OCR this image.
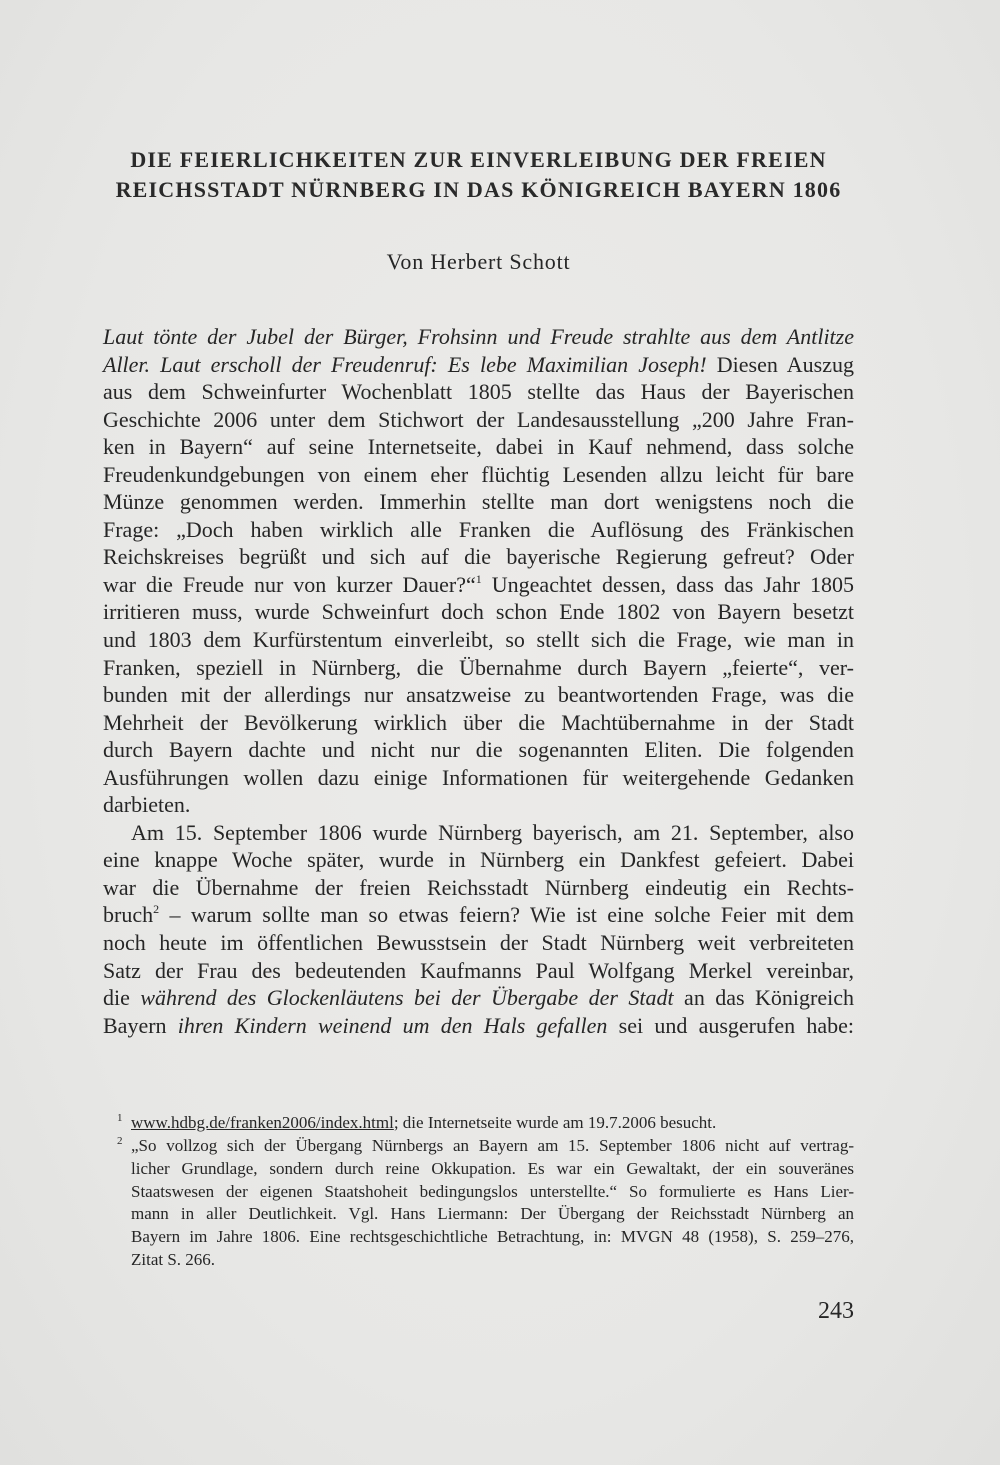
DIE FEIERLICHKEITEN ZUR EINVERLEIBUNG DER FREIEN
REICHSSTADT NÜRNBERG IN DAS KÖNIGREICH BAYERN 1806
Von Herbert Schott
Laut tönte der Jubel der Bürger, Frohsinn und Freude strahlte aus dem Antlitze
Aller. Laut erscholl der Freudenruf: Es lebe Maximilian Joseph! Diesen Auszug
aus dem Schweinfurter Wochenblatt 1805 stellte das Haus der Bayerischen
Geschichte 2006 unter dem Stichwort der Landesausstellung „200 Jahre Fran-
ken in Bayern“ auf seine Internetseite, dabei in Kauf nehmend, dass solche
Freudenkundgebungen von einem eher flüchtig Lesenden allzu leicht für bare
Münze genommen werden. Immerhin stellte man dort wenigstens noch die
Frage: „Doch haben wirklich alle Franken die Auflösung des Fränkischen
Reichskreises begrüßt und sich auf die bayerische Regierung gefreut? Oder
war die Freude nur von kurzer Dauer?“$^1$ Ungeachtet dessen, dass das Jahr 1805
irritieren muss, wurde Schweinfurt doch schon Ende 1802 von Bayern besetzt
und 1803 dem Kurfürstentum einverleibt, so stellt sich die Frage, wie man in
Franken, speziell in Nürnberg, die Übernahme durch Bayern „feierte“, ver-
bunden mit der allerdings nur ansatzweise zu beantwortenden Frage, was die
Mehrheit der Bevölkerung wirklich über die Machtübernahme in der Stadt
durch Bayern dachte und nicht nur die sogenannten Eliten. Die folgenden
Ausführungen wollen dazu einige Informationen für weitergehende Gedanken
darbieten.
Am 15. September 1806 wurde Nürnberg bayerisch, am 21. September, also
eine knappe Woche später, wurde in Nürnberg ein Dankfest gefeiert. Dabei
war die Übernahme der freien Reichsstadt Nürnberg eindeutig ein Rechts-
bruch$^2$ – warum sollte man so etwas feiern? Wie ist eine solche Feier mit dem
noch heute im öffentlichen Bewusstsein der Stadt Nürnberg weit verbreiteten
Satz der Frau des bedeutenden Kaufmanns Paul Wolfgang Merkel vereinbar,
die während des Glockenläutens bei der Übergabe der Stadt an das Königreich
Bayern ihren Kindern weinend um den Hals gefallen sei und ausgerufen habe:
1 www.hdbg.de/franken2006/index.html; die Internetseite wurde am 19.7.2006 besucht.
2 „So vollzog sich der Übergang Nürnbergs an Bayern am 15. September 1806 nicht auf vertrag-
licher Grundlage, sondern durch reine Okkupation. Es war ein Gewaltakt, der ein souveränes
Staatswesen der eigenen Staatshoheit bedingungslos unterstellte.“ So formulierte es Hans Lier-
mann in aller Deutlichkeit. Vgl. Hans Liermann: Der Übergang der Reichsstadt Nürnberg an
Bayern im Jahre 1806. Eine rechtsgeschichtliche Betrachtung, in: MVGN 48 (1958), S. 259–276,
Zitat S. 266.
243
